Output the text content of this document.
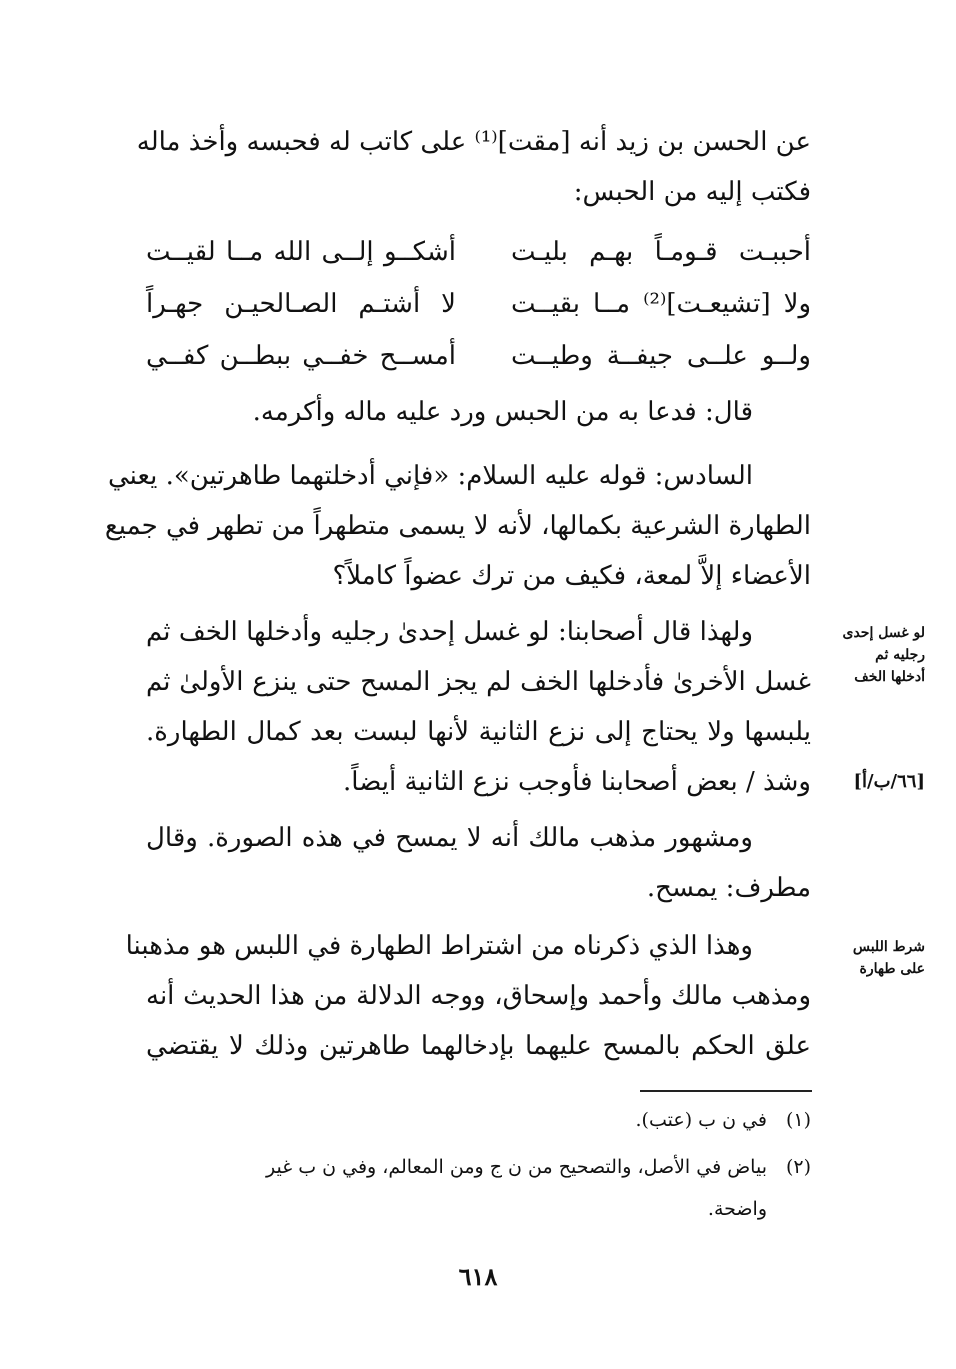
عن الحسن بن زيد أنه [مقت]⁽¹⁾ على كاتب له فحبسه وأخذ ماله
فكتب إليه من الحبس:
أشكــو إلــى الله مــا لقيــت أحببـت قـومـاً بهـم بليـت
لا أشتـم الصـالحيـن جهـراً ولا [تشيعـت]⁽²⁾ مــا بقيــت
أمســح خفــي ببطــن كفــي ولــو علــى جيفــة وطيــت
قال: فدعا به من الحبس ورد عليه ماله وأكرمه.
السادس: قوله عليه السلام: «فإني أدخلتهما طاهرتين». يعني
الطهارة الشرعية بكمالها، لأنه لا يسمى متطهراً من تطهر في جميع
الأعضاء إلاَّ لمعة، فكيف من ترك عضواً كاملاً؟
ولهذا قال أصحابنا: لو غسل إحدىٰ رجليه وأدخلها الخف ثم
غسل الأخرىٰ فأدخلها الخف لم يجز المسح حتى ينزع الأولىٰ ثم
يلبسها ولا يحتاج إلى نزع الثانية لأنها لبست بعد كمال الطهارة.
وشذ / بعض أصحابنا فأوجب نزع الثانية أيضاً.
ومشهور مذهب مالك أنه لا يمسح في هذه الصورة. وقال
مطرف: يمسح.
وهذا الذي ذكرناه من اشتراط الطهارة في اللبس هو مذهبنا
ومذهب مالك وأحمد وإسحاق، ووجه الدلالة من هذا الحديث أنه
علق الحكم بالمسح عليهما بإدخالهما طاهرتين وذلك لا يقتضي
لو غسل إحدى
رجليه ثم
أدخلها الخف
[٦٦/ب/أ]
شرط اللبس
على طهارة
(١)في ن ب (عتب).
(٢)بياض في الأصل، والتصحيح من ن ج ومن المعالم، وفي ن ب غير
واضحة.
٦١٨
